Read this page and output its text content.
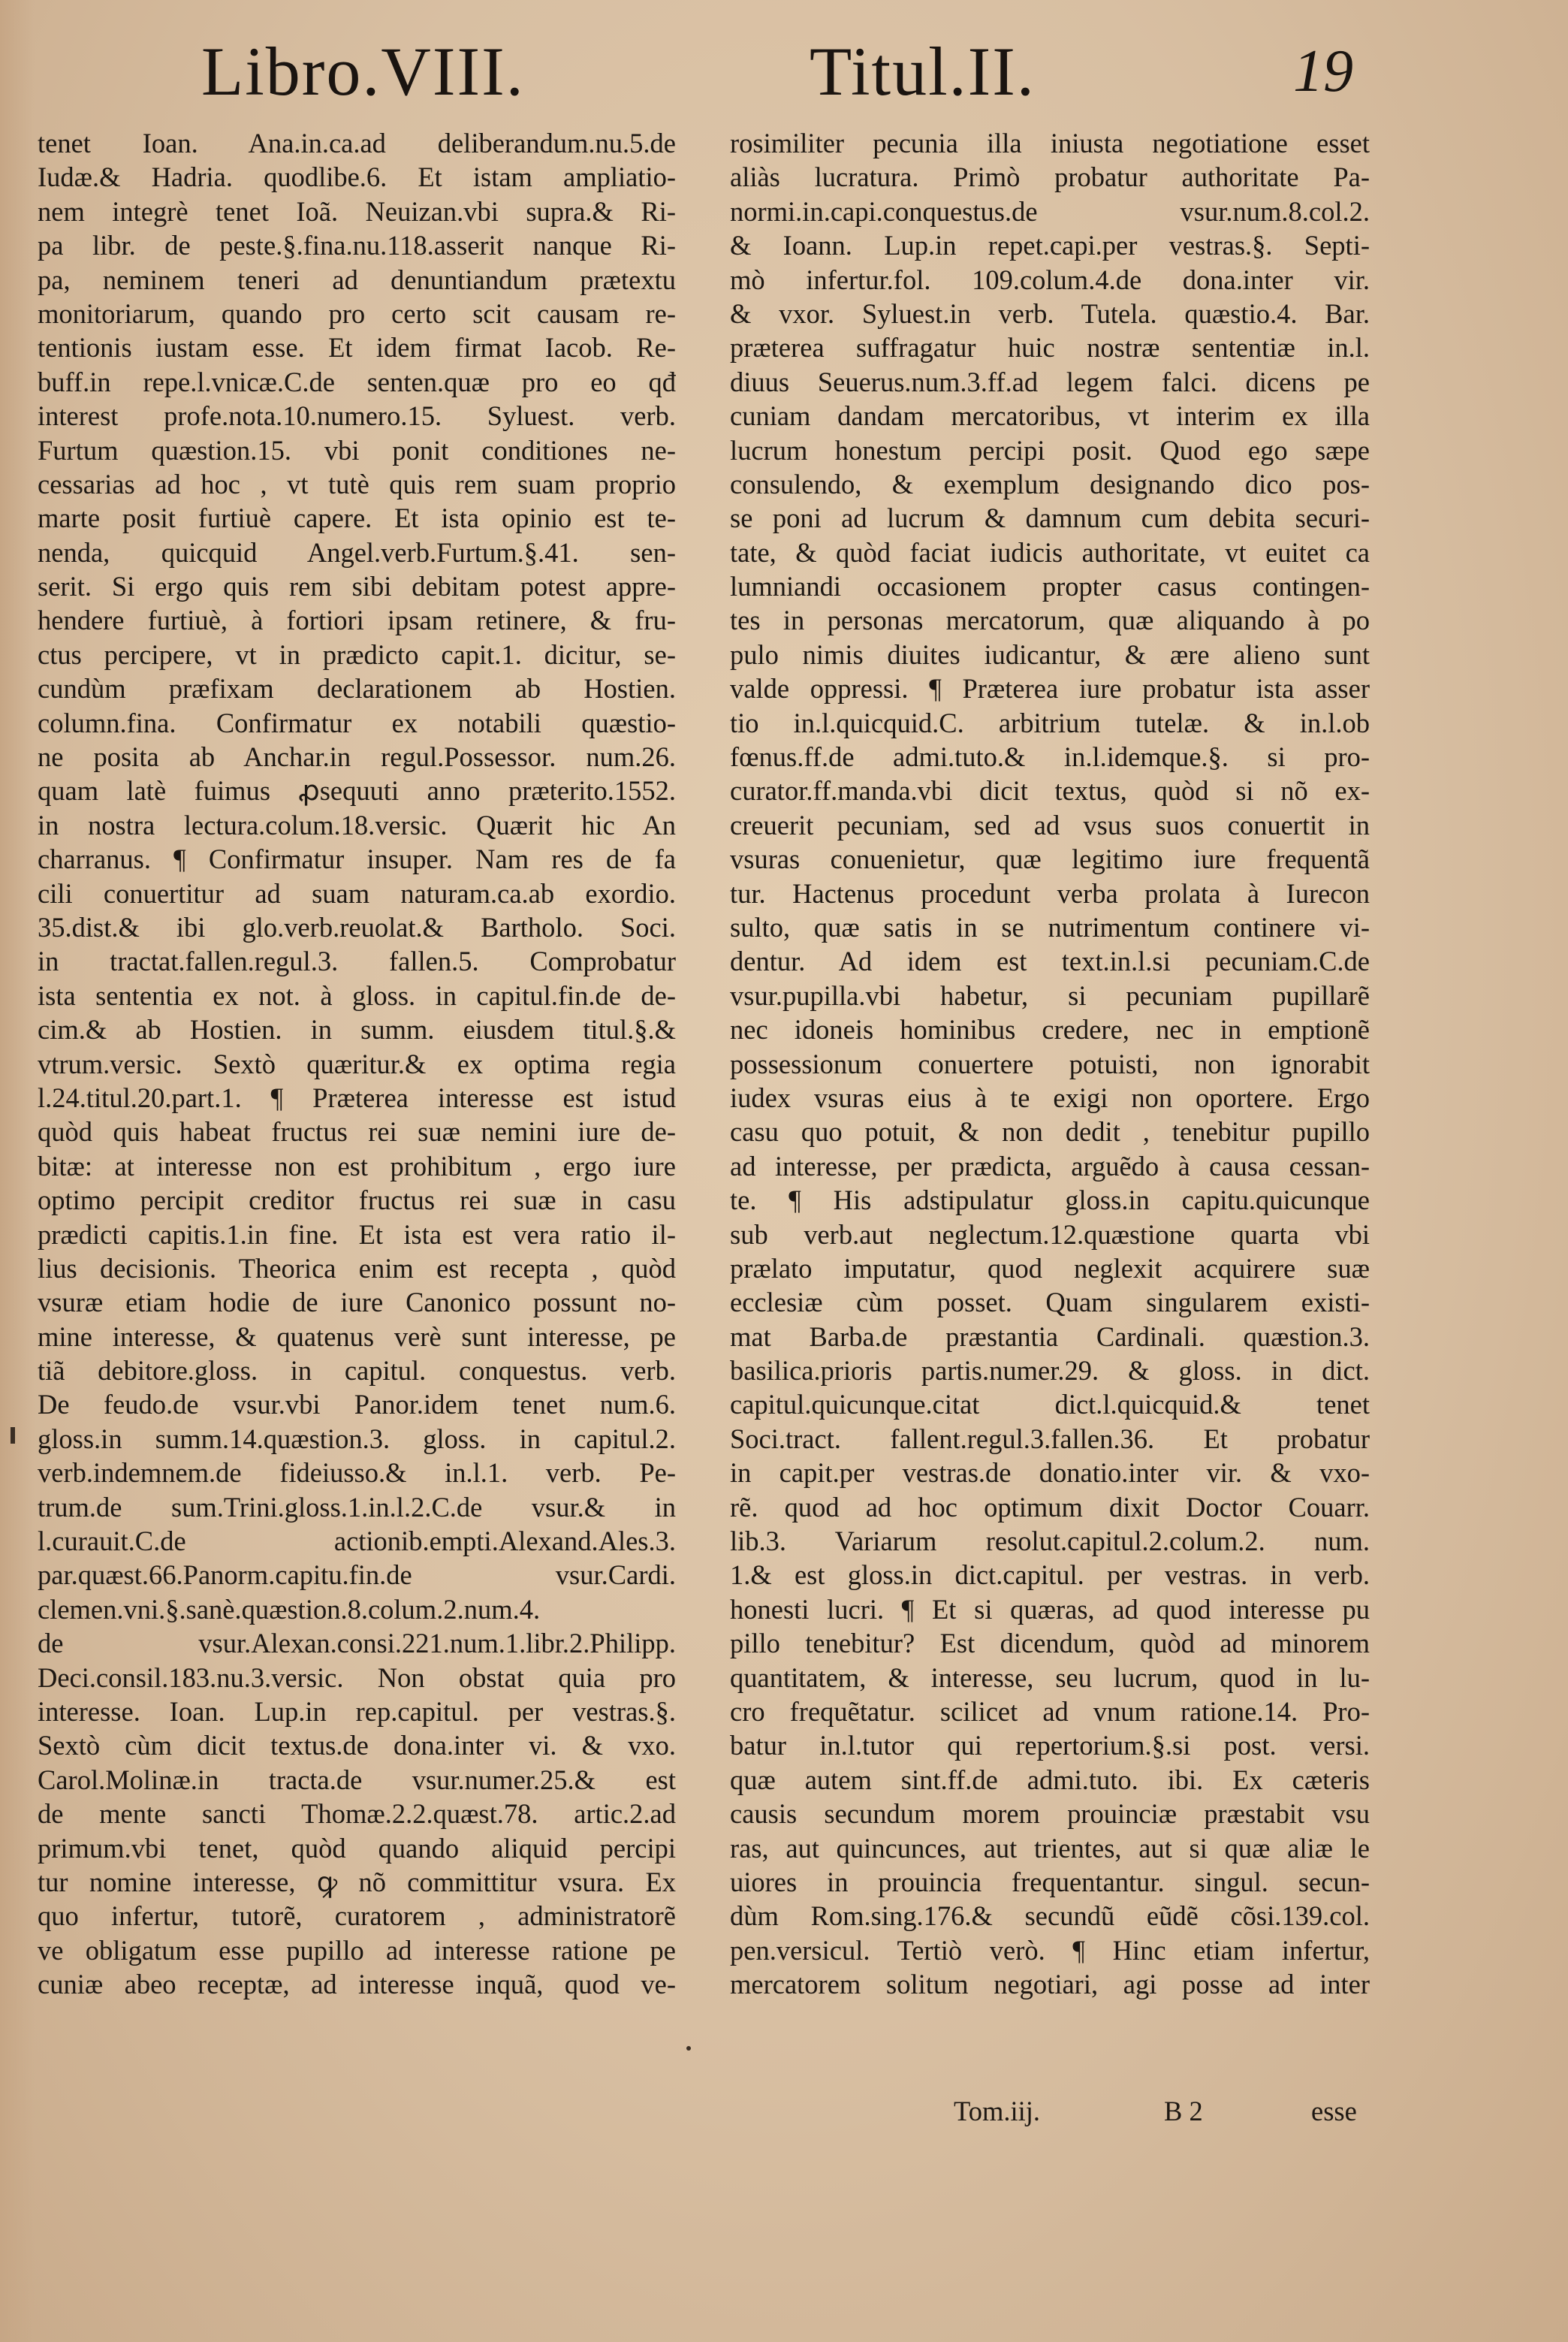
Libro.VIII.	Titul.II.	19
tenet Ioan. Ana.in.ca.ad deliberandum.nu.5.de
Iudæ.& Hadria. quodlibe.6. Et istam ampliatio-
nem integrè tenet Ioã. Neuizan.vbi supra.& Ri-
pa libr. de peste.§.fina.nu.118.asserit nanque Ri-
pa, neminem teneri ad denuntiandum prætextu
monitoriarum, quando pro certo scit causam re-
tentionis iustam esse. Et idem firmat Iacob. Re-
buff.in repe.l.vnicæ.C.de senten.quæ pro eo qđ
interest profe.nota.10.numero.15. Syluest. verb.
Furtum quæstion.15. vbi ponit conditiones ne-
cessarias ad hoc , vt tutè quis rem suam proprio
marte posit furtiuè capere. Et ista opinio est te-
nenda, quicquid Angel.verb.Furtum.§.41. sen-
serit. Si ergo quis rem sibi debitam potest appre-
hendere furtiuè, à fortiori ipsam retinere, & fru-
ctus percipere, vt in prædicto capit.1. dicitur, se-
cundùm præfixam declarationem ab Hostien.
column.fina. Confirmatur ex notabili quæstio-
ne posita ab Anchar.in regul.Possessor. num.26.
quam latè fuimus ꝓsequuti anno præterito.1552.
in nostra lectura.colum.18.versic. Quærit hic An
charranus. ¶ Confirmatur insuper. Nam res de fa
cili conuertitur ad suam naturam.ca.ab exordio.
35.dist.& ibi glo.verb.reuolat.& Bartholo. Soci.
in tractat.fallen.regul.3. fallen.5. Comprobatur
ista sententia ex not. à gloss. in capitul.fin.de de-
cim.& ab Hostien. in summ. eiusdem titul.§.&
vtrum.versic. Sextò quæritur.& ex optima regia
l.24.titul.20.part.1. ¶ Præterea interesse est istud
quòd quis habeat fructus rei suæ nemini iure de-
bitæ: at interesse non est prohibitum , ergo iure
optimo percipit creditor fructus rei suæ in casu
prædicti capitis.1.in fine. Et ista est vera ratio il-
lius decisionis. Theorica enim est recepta , quòd
vsuræ etiam hodie de iure Canonico possunt no-
mine interesse, & quatenus verè sunt interesse, pe
tiã debitore.gloss. in capitul. conquestus. verb.
De feudo.de vsur.vbi Panor.idem tenet num.6.
gloss.in summ.14.quæstion.3. gloss. in capitul.2.
verb.indemnem.de fideiusso.& in.l.1. verb. Pe-
trum.de sum.Trini.gloss.1.in.l.2.C.de vsur.& in
l.curauit.C.de actionib.empti.Alexand.Ales.3.
par.quæst.66.Panorm.capitu.fin.de vsur.Cardi.
clemen.vni.§.sanè.quæstion.8.colum.2.num.4.
de vsur.Alexan.consi.221.num.1.libr.2.Philipp.
Deci.consil.183.nu.3.versic. Non obstat quia pro
interesse. Ioan. Lup.in rep.capitul. per vestras.§.
Sextò cùm dicit textus.de dona.inter vi. & vxo.
Carol.Molinæ.in tracta.de vsur.numer.25.& est
de mente sancti Thomæ.2.2.quæst.78. artic.2.ad
primum.vbi tenet, quòd quando aliquid percipi
tur nomine interesse, ꝙ nõ committitur vsura. Ex
quo infertur, tutorẽ, curatorem , administratorẽ
ve obligatum esse pupillo ad interesse ratione pe
cuniæ abeo receptæ, ad interesse inquã, quod ve-
rosimiliter pecunia illa iniusta negotiatione esset
aliàs lucratura. Primò probatur authoritate Pa-
normi.in.capi.conquestus.de vsur.num.8.col.2.
& Ioann. Lup.in repet.capi.per vestras.§. Septi-
mò infertur.fol. 109.colum.4.de dona.inter vir.
& vxor. Syluest.in verb. Tutela. quæstio.4. Bar.
præterea suffragatur huic nostræ sententiæ in.l.
diuus Seuerus.num.3.ff.ad legem falci. dicens pe
cuniam dandam mercatoribus, vt interim ex illa
lucrum honestum percipi posit. Quod ego sæpe
consulendo, & exemplum designando dico pos-
se poni ad lucrum & damnum cum debita securi-
tate, & quòd faciat iudicis authoritate, vt euitet ca
lumniandi occasionem propter casus contingen-
tes in personas mercatorum, quæ aliquando à po
pulo nimis diuites iudicantur, & ære alieno sunt
valde oppressi. ¶ Præterea iure probatur ista asser
tio in.l.quicquid.C. arbitrium tutelæ. & in.l.ob
fœnus.ff.de admi.tuto.& in.l.idemque.§. si pro-
curator.ff.manda.vbi dicit textus, quòd si nõ ex-
creuerit pecuniam, sed ad vsus suos conuertit in
vsuras conuenietur, quæ legitimo iure frequentã
tur. Hactenus procedunt verba prolata à Iurecon
sulto, quæ satis in se nutrimentum continere vi-
dentur. Ad idem est text.in.l.si pecuniam.C.de
vsur.pupilla.vbi habetur, si pecuniam pupillarẽ
nec idoneis hominibus credere, nec in emptionẽ
possessionum conuertere potuisti, non ignorabit
iudex vsuras eius à te exigi non oportere. Ergo
casu quo potuit, & non dedit , tenebitur pupillo
ad interesse, per prædicta, arguẽdo à causa cessan-
te. ¶ His adstipulatur gloss.in capitu.quicunque
sub verb.aut neglectum.12.quæstione quarta vbi
prælato imputatur, quod neglexit acquirere suæ
ecclesiæ cùm posset. Quam singularem existi-
mat Barba.de præstantia Cardinali. quæstion.3.
basilica.prioris partis.numer.29. & gloss. in dict.
capitul.quicunque.citat dict.l.quicquid.& tenet
Soci.tract. fallent.regul.3.fallen.36. Et probatur
in capit.per vestras.de donatio.inter vir. & vxo-
rẽ. quod ad hoc optimum dixit Doctor Couarr.
lib.3. Variarum resolut.capitul.2.colum.2. num.
1.& est gloss.in dict.capitul. per vestras. in verb.
honesti lucri. ¶ Et si quæras, ad quod interesse pu
pillo tenebitur? Est dicendum, quòd ad minorem
quantitatem, & interesse, seu lucrum, quod in lu-
cro frequẽtatur. scilicet ad vnum ratione.14. Pro-
batur in.l.tutor qui repertorium.§.si post. versi.
quæ autem sint.ff.de admi.tuto. ibi. Ex cæteris
causis secundum morem prouinciæ præstabit vsu
ras, aut quincunces, aut trientes, aut si quæ aliæ le
uiores in prouincia frequentantur. singul. secun-
dùm Rom.sing.176.& secundũ eũdẽ cõsi.139.col.
pen.versicul. Tertiò verò. ¶ Hinc etiam infertur,
mercatorem solitum negotiari, agi posse ad inter
Tom.iij.	B 2	esse
